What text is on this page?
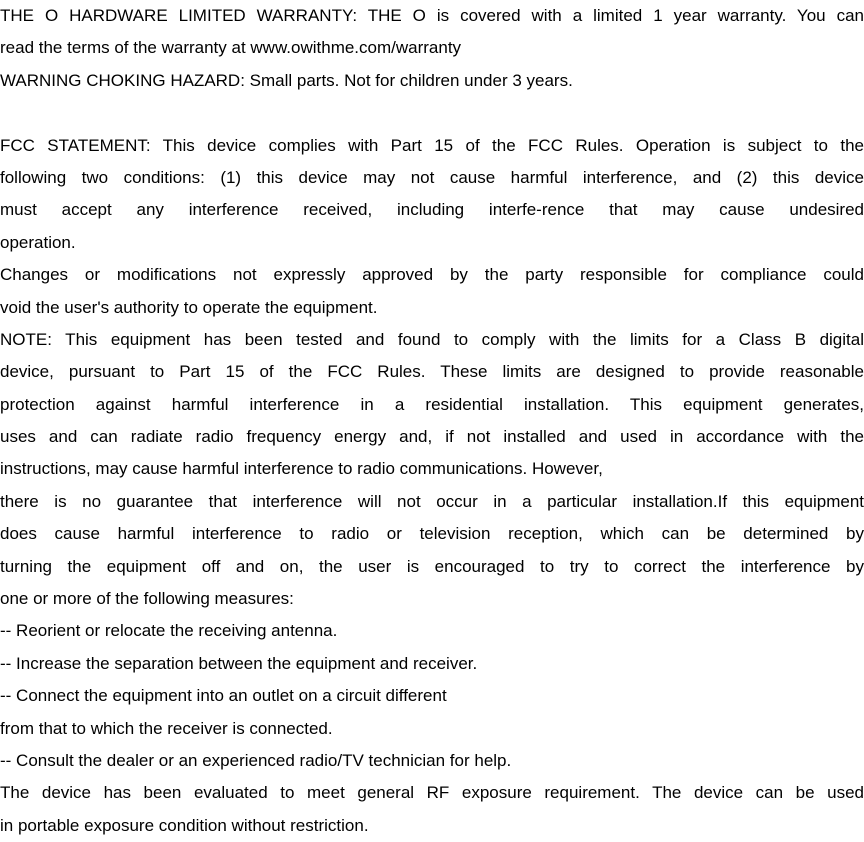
THE O HARDWARE LIMITED WARRANTY: THE O is covered with a limited 1 year warranty. You can
read the terms of the warranty at www.owithme.com/warranty
WARNING CHOKING HAZARD: Small parts. Not for children under 3 years.
FCC STATEMENT: This device complies with Part 15 of the FCC Rules. Operation is subject to the
following two conditions: (1) this device may not cause harmful interference, and (2) this device
must accept any interference received, including interfe-rence that may cause undesired
operation.
Changes or modifications not expressly approved by the party responsible for compliance could
void the user's authority to operate the equipment.
NOTE: This equipment has been tested and found to comply with the limits for a Class B digital
device, pursuant to Part 15 of the FCC Rules. These limits are designed to provide reasonable
protection against harmful interference in a residential installation. This equipment generates,
uses and can radiate radio frequency energy and, if not installed and used in accordance with the
instructions, may cause harmful interference to radio communications. However,
there is no guarantee that interference will not occur in a particular installation.If this equipment
does cause harmful interference to radio or television reception, which can be determined by
turning the equipment off and on, the user is encouraged to try to correct the interference by
one or more of the following measures:
-- Reorient or relocate the receiving antenna.
-- Increase the separation between the equipment and receiver.
-- Connect the equipment into an outlet on a circuit different
from that to which the receiver is connected.
-- Consult the dealer or an experienced radio/TV technician for help.
The device has been evaluated to meet general RF exposure requirement. The device can be used
in portable exposure condition without restriction.
